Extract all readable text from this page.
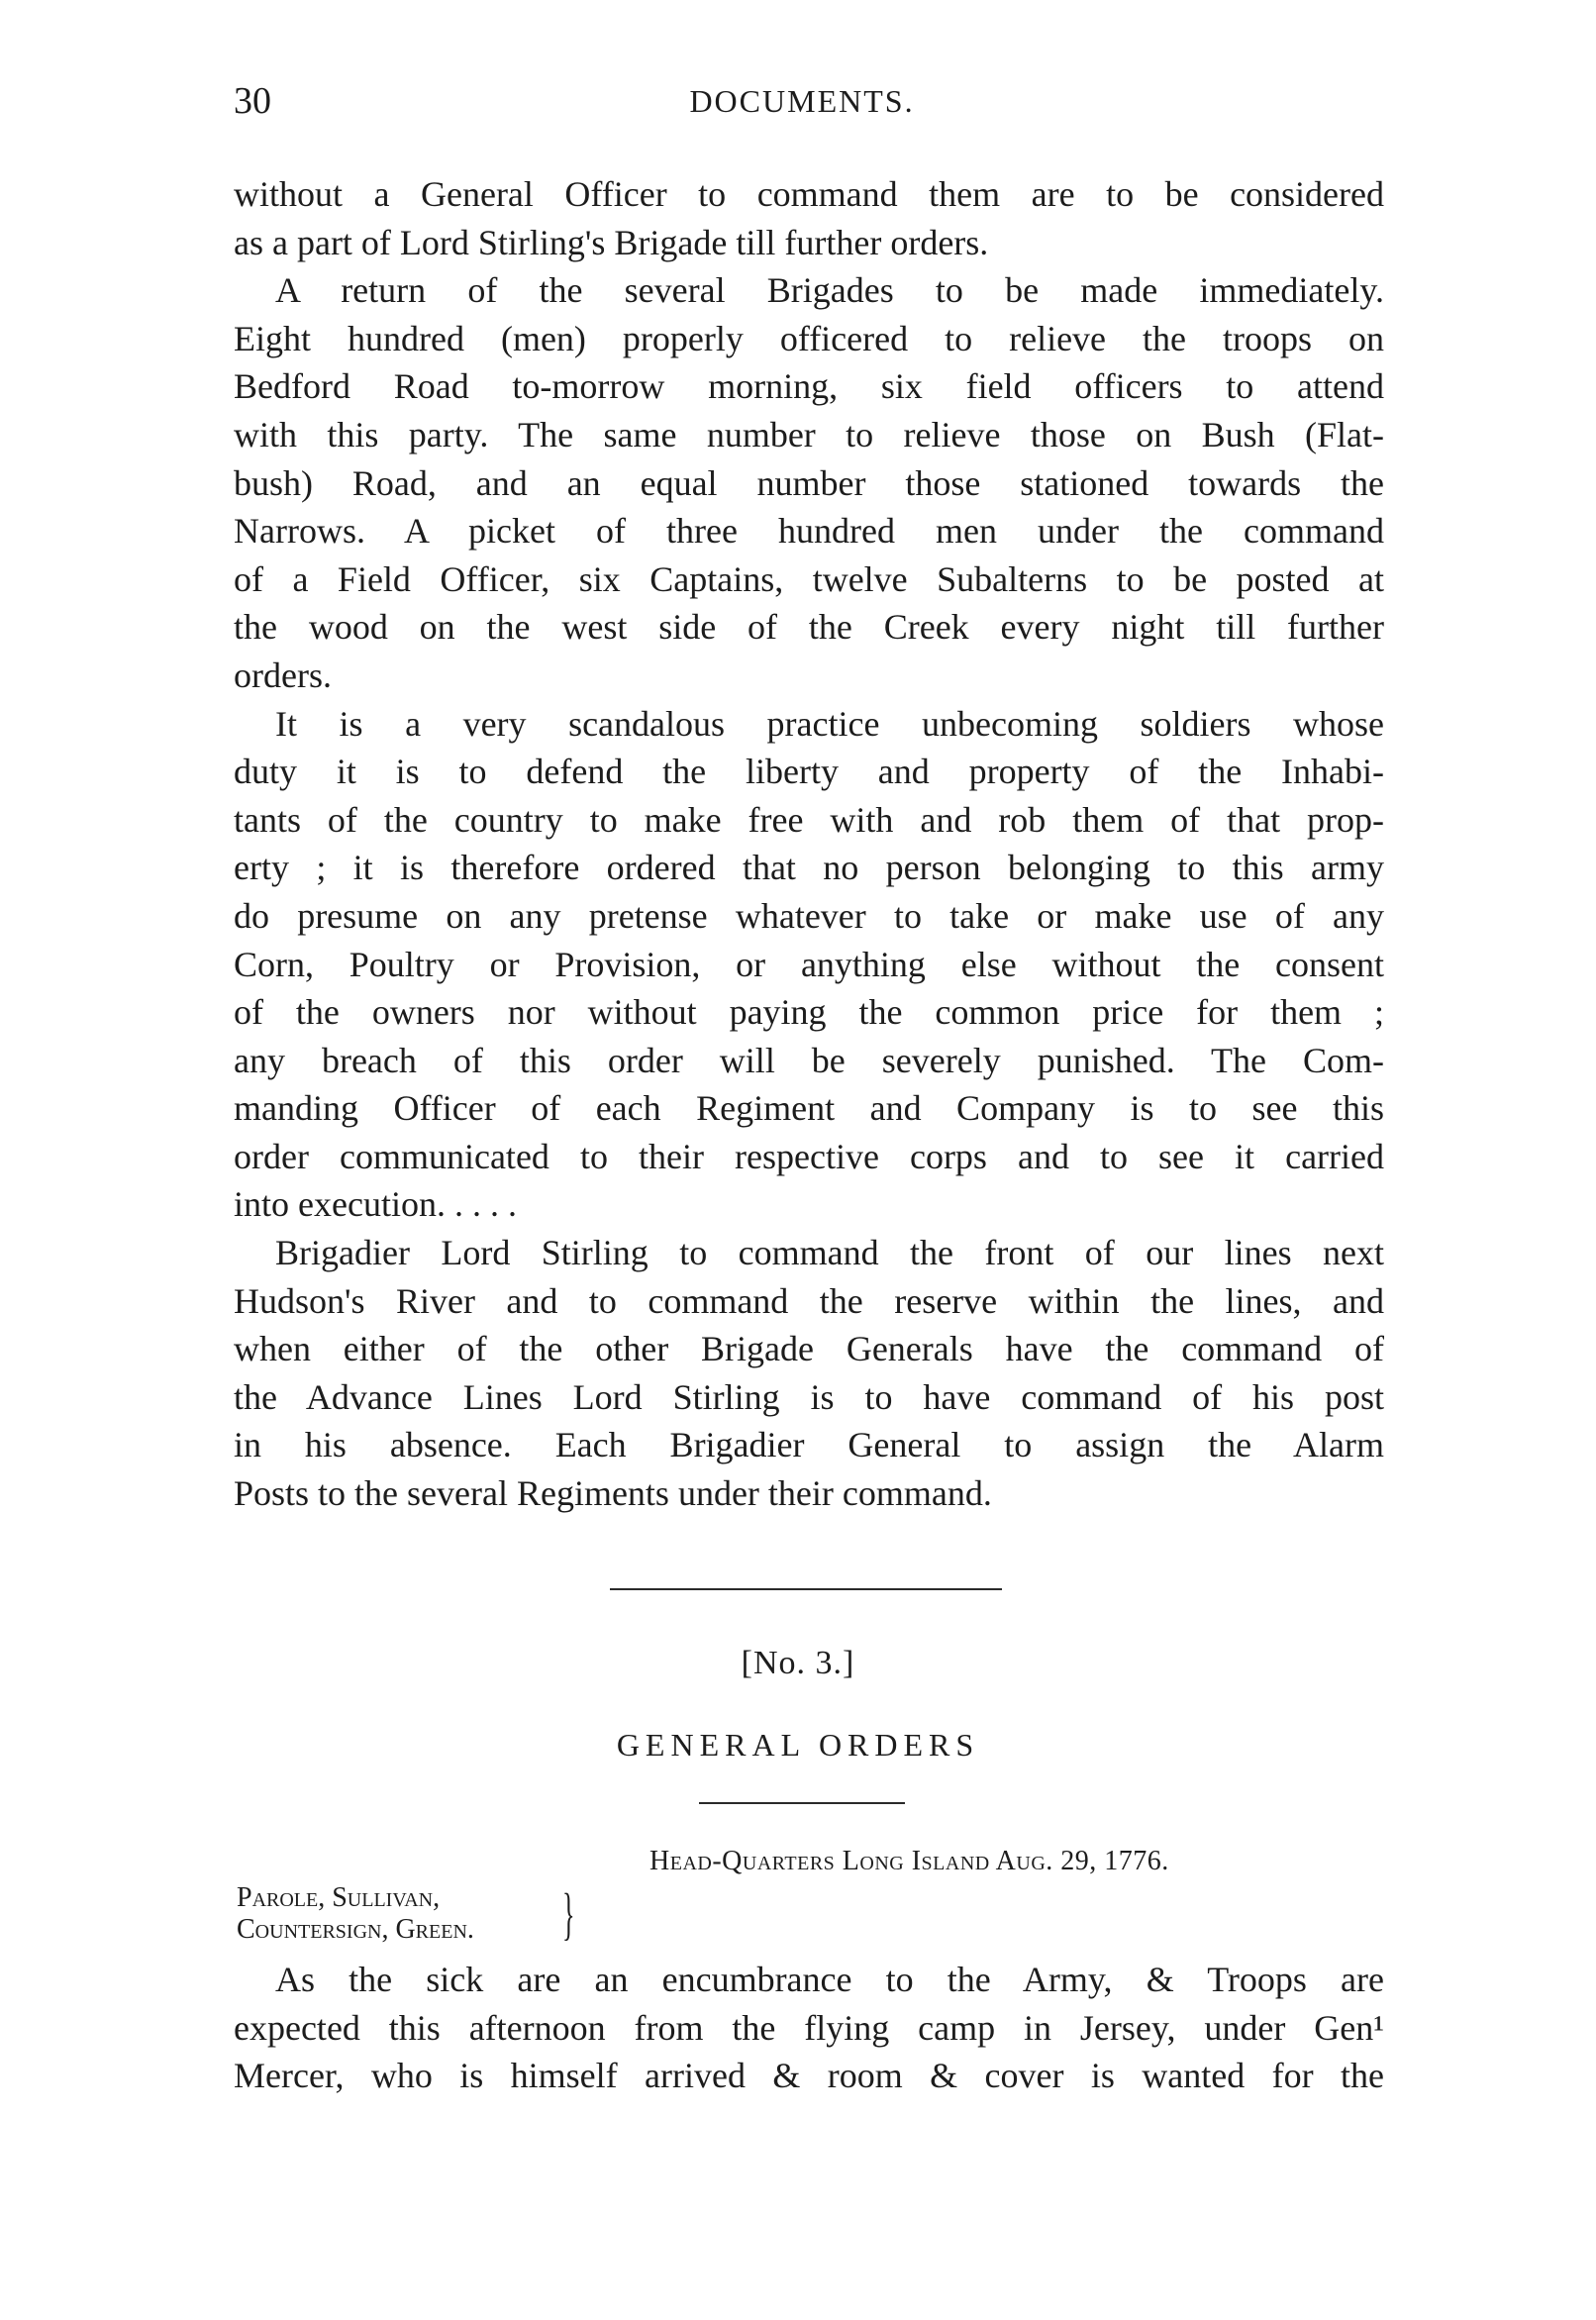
30	DOCUMENTS.
without a General Officer to command them are to be considered
as a part of Lord Stirling's Brigade till further orders.
A return of the several Brigades to be made immediately.
Eight hundred (men) properly officered to relieve the troops on
Bedford Road to-morrow morning, six field officers to attend
with this party. The same number to relieve those on Bush (Flat-
bush) Road, and an equal number those stationed towards the
Narrows. A picket of three hundred men under the command
of a Field Officer, six Captains, twelve Subalterns to be posted at
the wood on the west side of the Creek every night till further
orders.
It is a very scandalous practice unbecoming soldiers whose
duty it is to defend the liberty and property of the Inhabi-
tants of the country to make free with and rob them of that prop-
erty ; it is therefore ordered that no person belonging to this army
do presume on any pretense whatever to take or make use of any
Corn, Poultry or Provision, or anything else without the consent
of the owners nor without paying the common price for them ;
any breach of this order will be severely punished. The Com-
manding Officer of each Regiment and Company is to see this
order communicated to their respective corps and to see it carried
into execution. . . . .
Brigadier Lord Stirling to command the front of our lines next
Hudson's River and to command the reserve within the lines, and
when either of the other Brigade Generals have the command of
the Advance Lines Lord Stirling is to have command of his post
in his absence. Each Brigadier General to assign the Alarm
Posts to the several Regiments under their command.
[No. 3.]
GENERAL ORDERS
Head-Quarters Long Island Aug. 29, 1776.
Parole, Sullivan,
Countersign, Green. }
As the sick are an encumbrance to the Army, & Troops are
expected this afternoon from the flying camp in Jersey, under Gen¹
Mercer, who is himself arrived & room & cover is wanted for the
